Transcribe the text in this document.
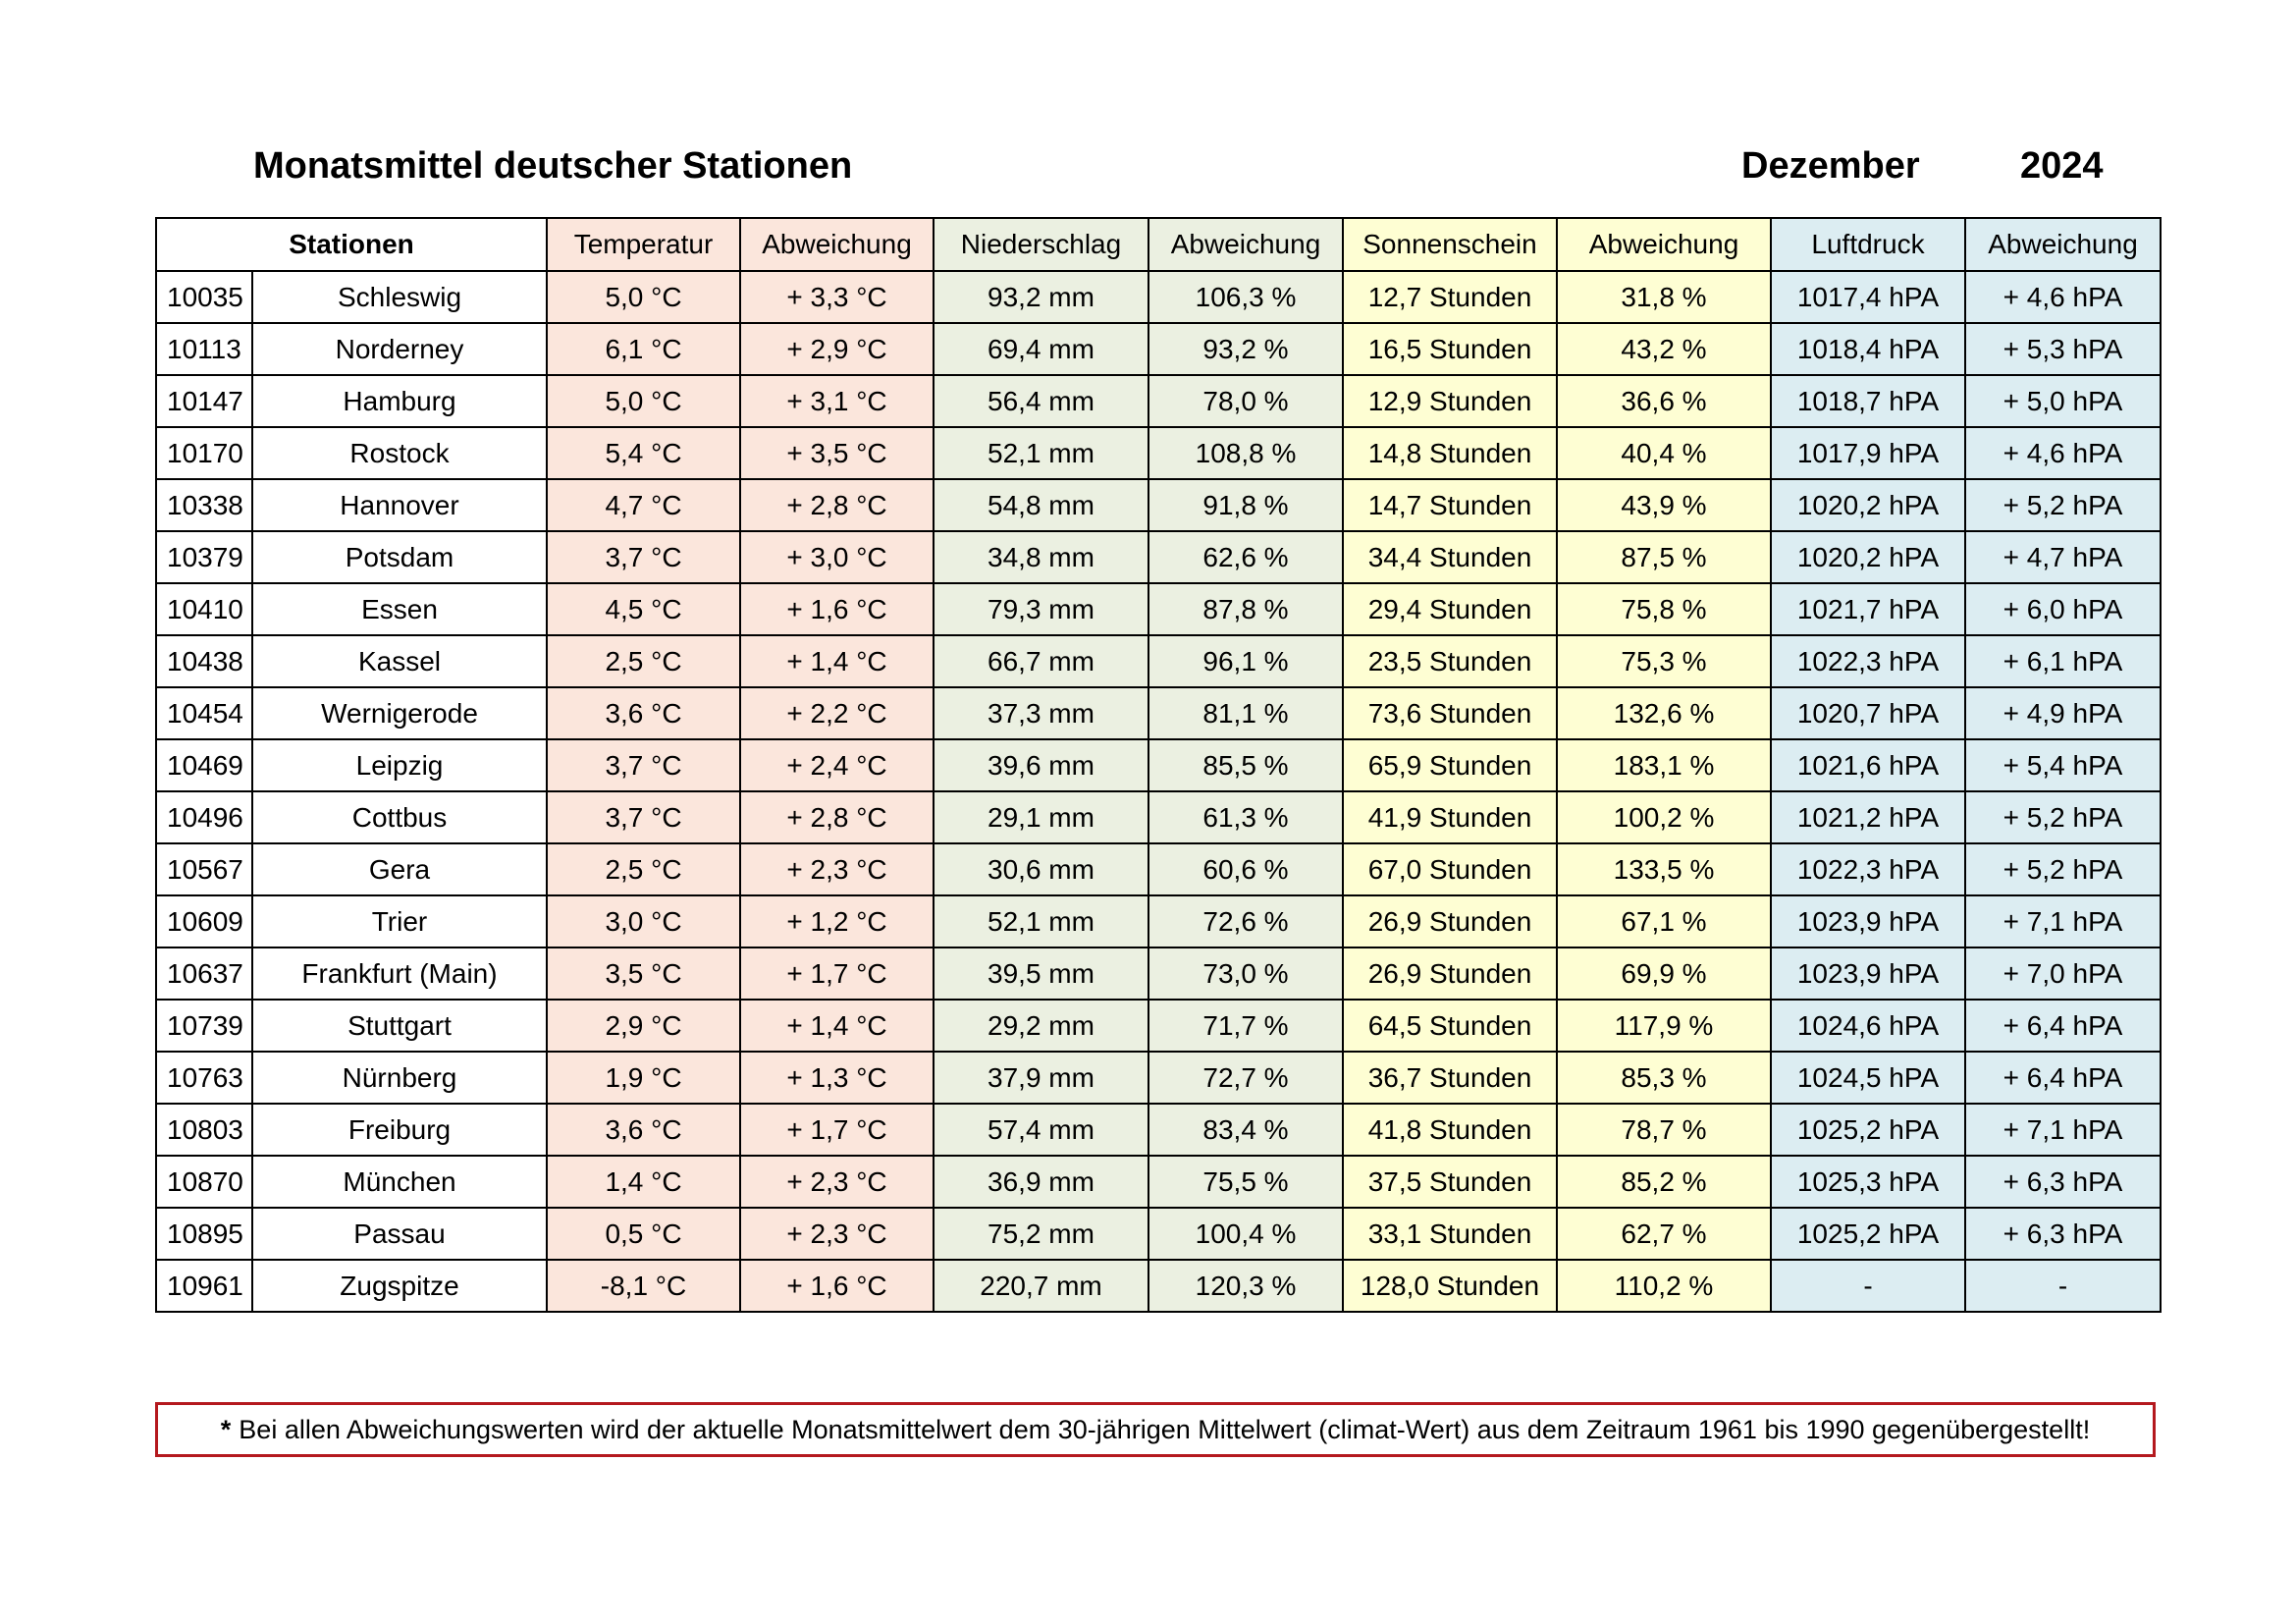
Monatsmittel deutscher Stationen	Dezember	2024
Stationen		Temperatur	Abweichung	Niederschlag	Abweichung	Sonnenschein	Abweichung	Luftdruck	Abweichung
10035	Schleswig	5,0 °C	+ 3,3 °C	93,2 mm	106,3 %	12,7 Stunden	31,8 %	1017,4 hPA	+ 4,6 hPA
10113	Norderney	6,1 °C	+ 2,9 °C	69,4 mm	93,2 %	16,5 Stunden	43,2 %	1018,4 hPA	+ 5,3 hPA
10147	Hamburg	5,0 °C	+ 3,1 °C	56,4 mm	78,0 %	12,9 Stunden	36,6 %	1018,7 hPA	+ 5,0 hPA
10170	Rostock	5,4 °C	+ 3,5 °C	52,1 mm	108,8 %	14,8 Stunden	40,4 %	1017,9 hPA	+ 4,6 hPA
10338	Hannover	4,7 °C	+ 2,8 °C	54,8 mm	91,8 %	14,7 Stunden	43,9 %	1020,2 hPA	+ 5,2 hPA
10379	Potsdam	3,7 °C	+ 3,0 °C	34,8 mm	62,6 %	34,4 Stunden	87,5 %	1020,2 hPA	+ 4,7 hPA
10410	Essen	4,5 °C	+ 1,6 °C	79,3 mm	87,8 %	29,4 Stunden	75,8 %	1021,7 hPA	+ 6,0 hPA
10438	Kassel	2,5 °C	+ 1,4 °C	66,7 mm	96,1 %	23,5 Stunden	75,3 %	1022,3 hPA	+ 6,1 hPA
10454	Wernigerode	3,6 °C	+ 2,2 °C	37,3 mm	81,1 %	73,6 Stunden	132,6 %	1020,7 hPA	+ 4,9 hPA
10469	Leipzig	3,7 °C	+ 2,4 °C	39,6 mm	85,5 %	65,9 Stunden	183,1 %	1021,6 hPA	+ 5,4 hPA
10496	Cottbus	3,7 °C	+ 2,8 °C	29,1 mm	61,3 %	41,9 Stunden	100,2 %	1021,2 hPA	+ 5,2 hPA
10567	Gera	2,5 °C	+ 2,3 °C	30,6 mm	60,6 %	67,0 Stunden	133,5 %	1022,3 hPA	+ 5,2 hPA
10609	Trier	3,0 °C	+ 1,2 °C	52,1 mm	72,6 %	26,9 Stunden	67,1 %	1023,9 hPA	+ 7,1 hPA
10637	Frankfurt (Main)	3,5 °C	+ 1,7 °C	39,5 mm	73,0 %	26,9 Stunden	69,9 %	1023,9 hPA	+ 7,0 hPA
10739	Stuttgart	2,9 °C	+ 1,4 °C	29,2 mm	71,7 %	64,5 Stunden	117,9 %	1024,6 hPA	+ 6,4 hPA
10763	Nürnberg	1,9 °C	+ 1,3 °C	37,9 mm	72,7 %	36,7 Stunden	85,3 %	1024,5 hPA	+ 6,4 hPA
10803	Freiburg	3,6 °C	+ 1,7 °C	57,4 mm	83,4 %	41,8 Stunden	78,7 %	1025,2 hPA	+ 7,1 hPA
10870	München	1,4 °C	+ 2,3 °C	36,9 mm	75,5 %	37,5 Stunden	85,2 %	1025,3 hPA	+ 6,3 hPA
10895	Passau	0,5 °C	+ 2,3 °C	75,2 mm	100,4 %	33,1 Stunden	62,7 %	1025,2 hPA	+ 6,3 hPA
10961	Zugspitze	-8,1 °C	+ 1,6 °C	220,7 mm	120,3 %	128,0 Stunden	110,2 %	-	-
* Bei allen Abweichungswerten wird der aktuelle Monatsmittelwert dem 30-jährigen Mittelwert (climat-Wert) aus dem Zeitraum 1961 bis 1990 gegenübergestellt!
